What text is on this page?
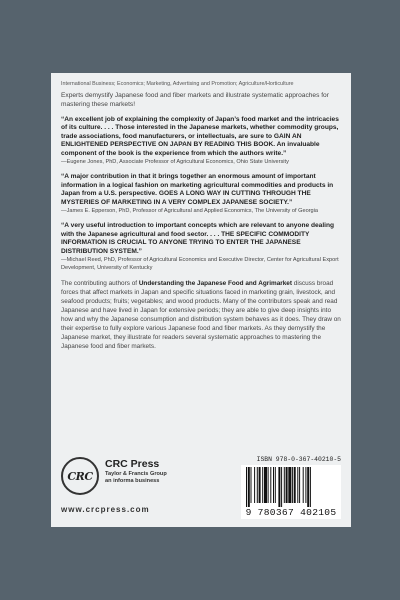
International Business; Economics; Marketing, Advertising and Promotion; Agriculture/Horticulture
Experts demystify Japanese food and fiber markets and illustrate systematic approaches for mastering these markets!

“An excellent job of explaining the complexity of Japan’s food market and the intricacies of its culture. . . . Those interested in the Japanese markets, whether commodity groups, trade associations, food manufacturers, or intellectuals, are sure to GAIN AN ENLIGHTENED PERSPECTIVE ON JAPAN BY READING THIS BOOK. An invaluable component of the book is the experience from which the authors write.”

—Eugene Jones, PhD, Associate Professor of Agricultural Economics, Ohio State University

“A major contribution in that it brings together an enormous amount of important information in a logical fashion on marketing agricultural commodities and products in Japan from a U.S. perspective. GOES A LONG WAY IN CUTTING THROUGH THE MYSTERIES OF MARKETING IN A VERY COMPLEX JAPANESE SOCIETY.”

—James E. Epperson, PhD, Professor of Agricultural and Applied Economics, The University of Georgia

“A very useful introduction to important concepts which are relevant to anyone dealing with the Japanese agricultural and food sector. . . . THE SPECIFIC COMMODITY INFORMATION IS CRUCIAL TO ANYONE TRYING TO ENTER THE JAPANESE DISTRIBUTION SYSTEM.”

—Michael Reed, PhD, Professor of Agricultural Economics and Executive Director, Center for Agricultural Export Development, University of Kentucky
The contributing authors of Understanding the Japanese Food and Agrimarket discuss broad forces that affect markets in Japan and specific situations faced in marketing grain, livestock, and seafood products; fruits; vegetables; and wood products. Many of the contributors speak and read Japanese and have lived in Japan for extensive periods; they are able to give deep insights into how and why the Japanese consumption and distribution system behaves as it does. They draw on their expertise to fully explore various Japanese food and fiber markets. As they demystify the Japanese market, they illustrate for readers several systematic approaches to mastering the Japanese food and fiber markets.
CRC
CRC Press
Taylor & Francis Group
an informa business
www.crcpress.com
ISBN 978-0-367-40210-5
9 780367 402105
